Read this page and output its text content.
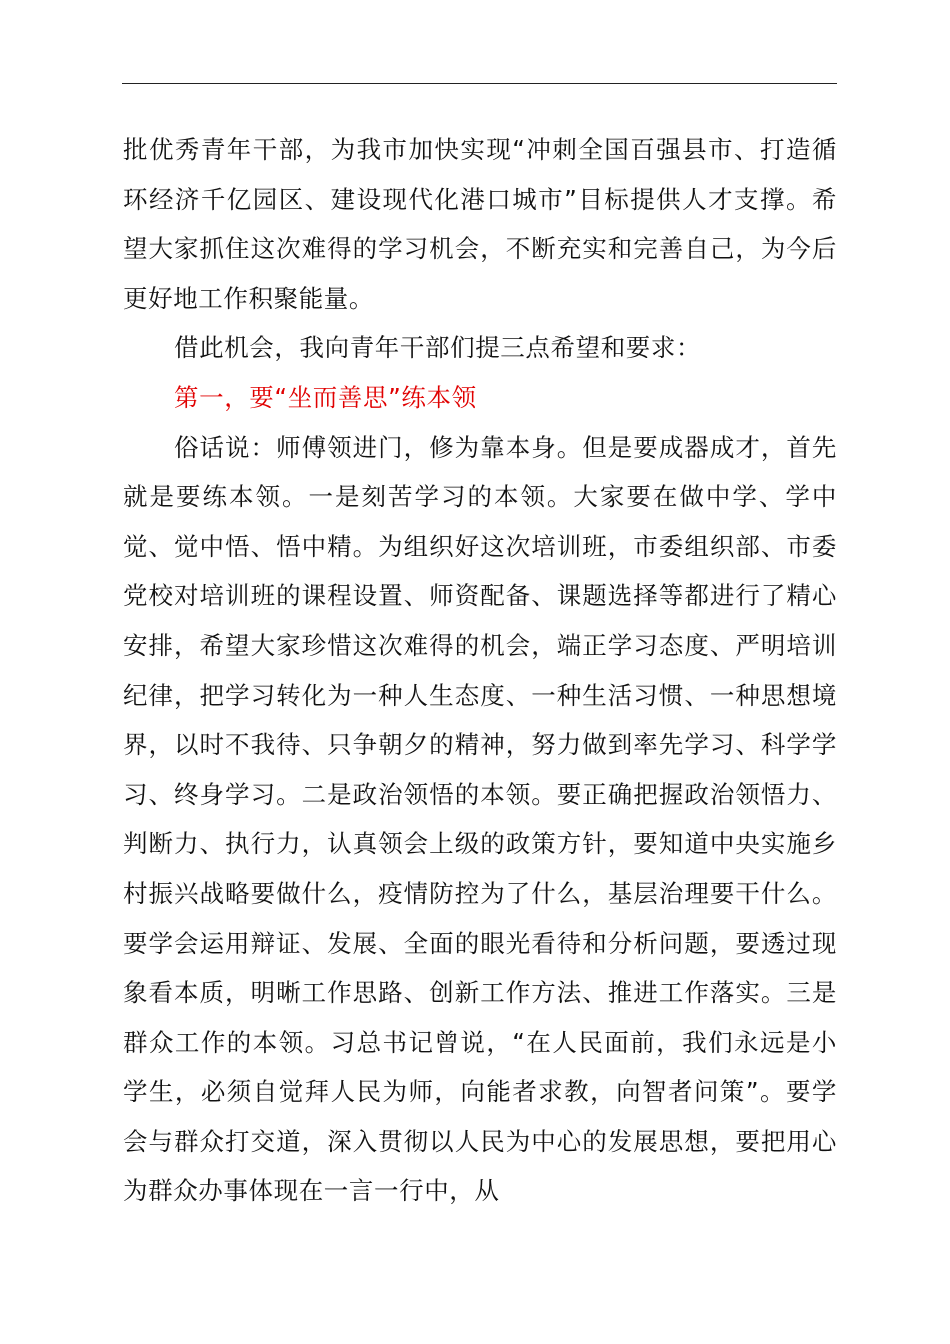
批优秀青年干部，为我市加快实现“冲刺全国百强县市、打造循环经济千亿园区、建设现代化港口城市”目标提供人才支撑。希望大家抓住这次难得的学习机会，不断充实和完善自己，为今后更好地工作积聚能量。

借此机会，我向青年干部们提三点希望和要求：

第一，要“坐而善思”练本领

俗话说：师傅领进门，修为靠本身。但是要成器成才，首先就是要练本领。一是刻苦学习的本领。大家要在做中学、学中觉、觉中悟、悟中精。为组织好这次培训班，市委组织部、市委党校对培训班的课程设置、师资配备、课题选择等都进行了精心安排，希望大家珍惜这次难得的机会，端正学习态度、严明培训纪律，把学习转化为一种人生态度、一种生活习惯、一种思想境界，以时不我待、只争朝夕的精神，努力做到率先学习、科学学习、终身学习。二是政治领悟的本领。要正确把握政治领悟力、判断力、执行力，认真领会上级的政策方针，要知道中央实施乡村振兴战略要做什么，疫情防控为了什么，基层治理要干什么。要学会运用辩证、发展、全面的眼光看待和分析问题，要透过现象看本质，明晰工作思路、创新工作方法、推进工作落实。三是群众工作的本领。习总书记曾说，“在人民面前，我们永远是小学生，必须自觉拜人民为师，向能者求教，向智者问策”。要学会与群众打交道，深入贯彻以人民为中心的发展思想，要把用心为群众办事体现在一言一行中，从
